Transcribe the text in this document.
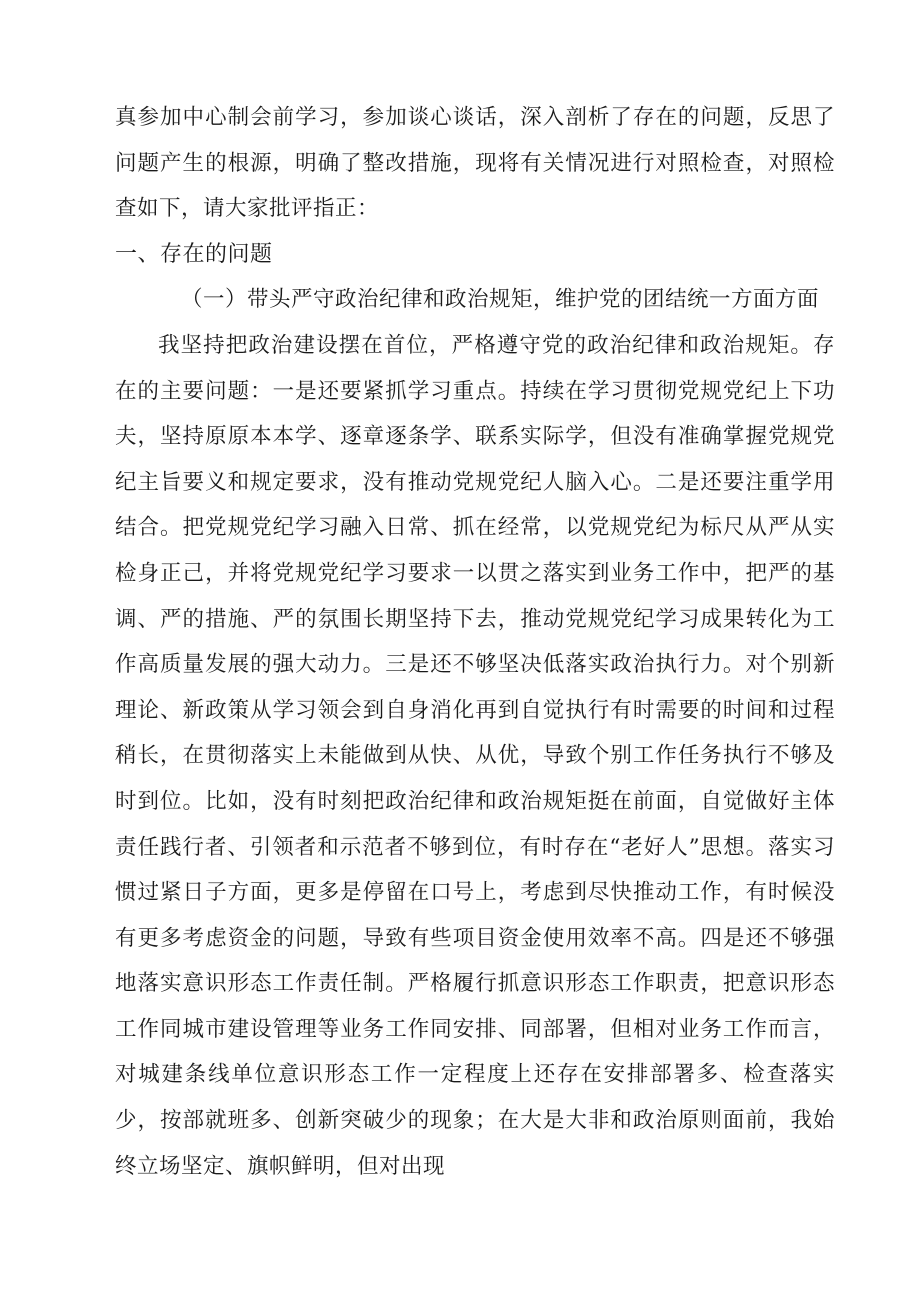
真参加中心制会前学习，参加谈心谈话，深入剖析了存在的问题，反思了问题产生的根源，明确了整改措施，现将有关情况进行对照检查，对照检查如下，请大家批评指正：

一、存在的问题

（一）带头严守政治纪律和政治规矩，维护党的团结统一方面方面

我坚持把政治建设摆在首位，严格遵守党的政治纪律和政治规矩。存在的主要问题：一是还要紧抓学习重点。持续在学习贯彻党规党纪上下功夫，坚持原原本本学、逐章逐条学、联系实际学，但没有准确掌握党规党纪主旨要义和规定要求，没有推动党规党纪人脑入心。二是还要注重学用结合。把党规党纪学习融入日常、抓在经常，以党规党纪为标尺从严从实检身正己，并将党规党纪学习要求一以贯之落实到业务工作中，把严的基调、严的措施、严的氛围长期坚持下去，推动党规党纪学习成果转化为工作高质量发展的强大动力。三是还不够坚决低落实政治执行力。对个别新理论、新政策从学习领会到自身消化再到自觉执行有时需要的时间和过程稍长，在贯彻落实上未能做到从快、从优，导致个别工作任务执行不够及时到位。比如，没有时刻把政治纪律和政治规矩挺在前面，自觉做好主体责任践行者、引领者和示范者不够到位，有时存在“老好人”思想。落实习惯过紧日子方面，更多是停留在口号上，考虑到尽快推动工作，有时候没有更多考虑资金的问题，导致有些项目资金使用效率不高。四是还不够强地落实意识形态工作责任制。严格履行抓意识形态工作职责，把意识形态工作同城市建设管理等业务工作同安排、同部署，但相对业务工作而言，对城建条线单位意识形态工作一定程度上还存在安排部署多、检查落实少，按部就班多、创新突破少的现象；在大是大非和政治原则面前，我始终立场坚定、旗帜鲜明，但对出现
